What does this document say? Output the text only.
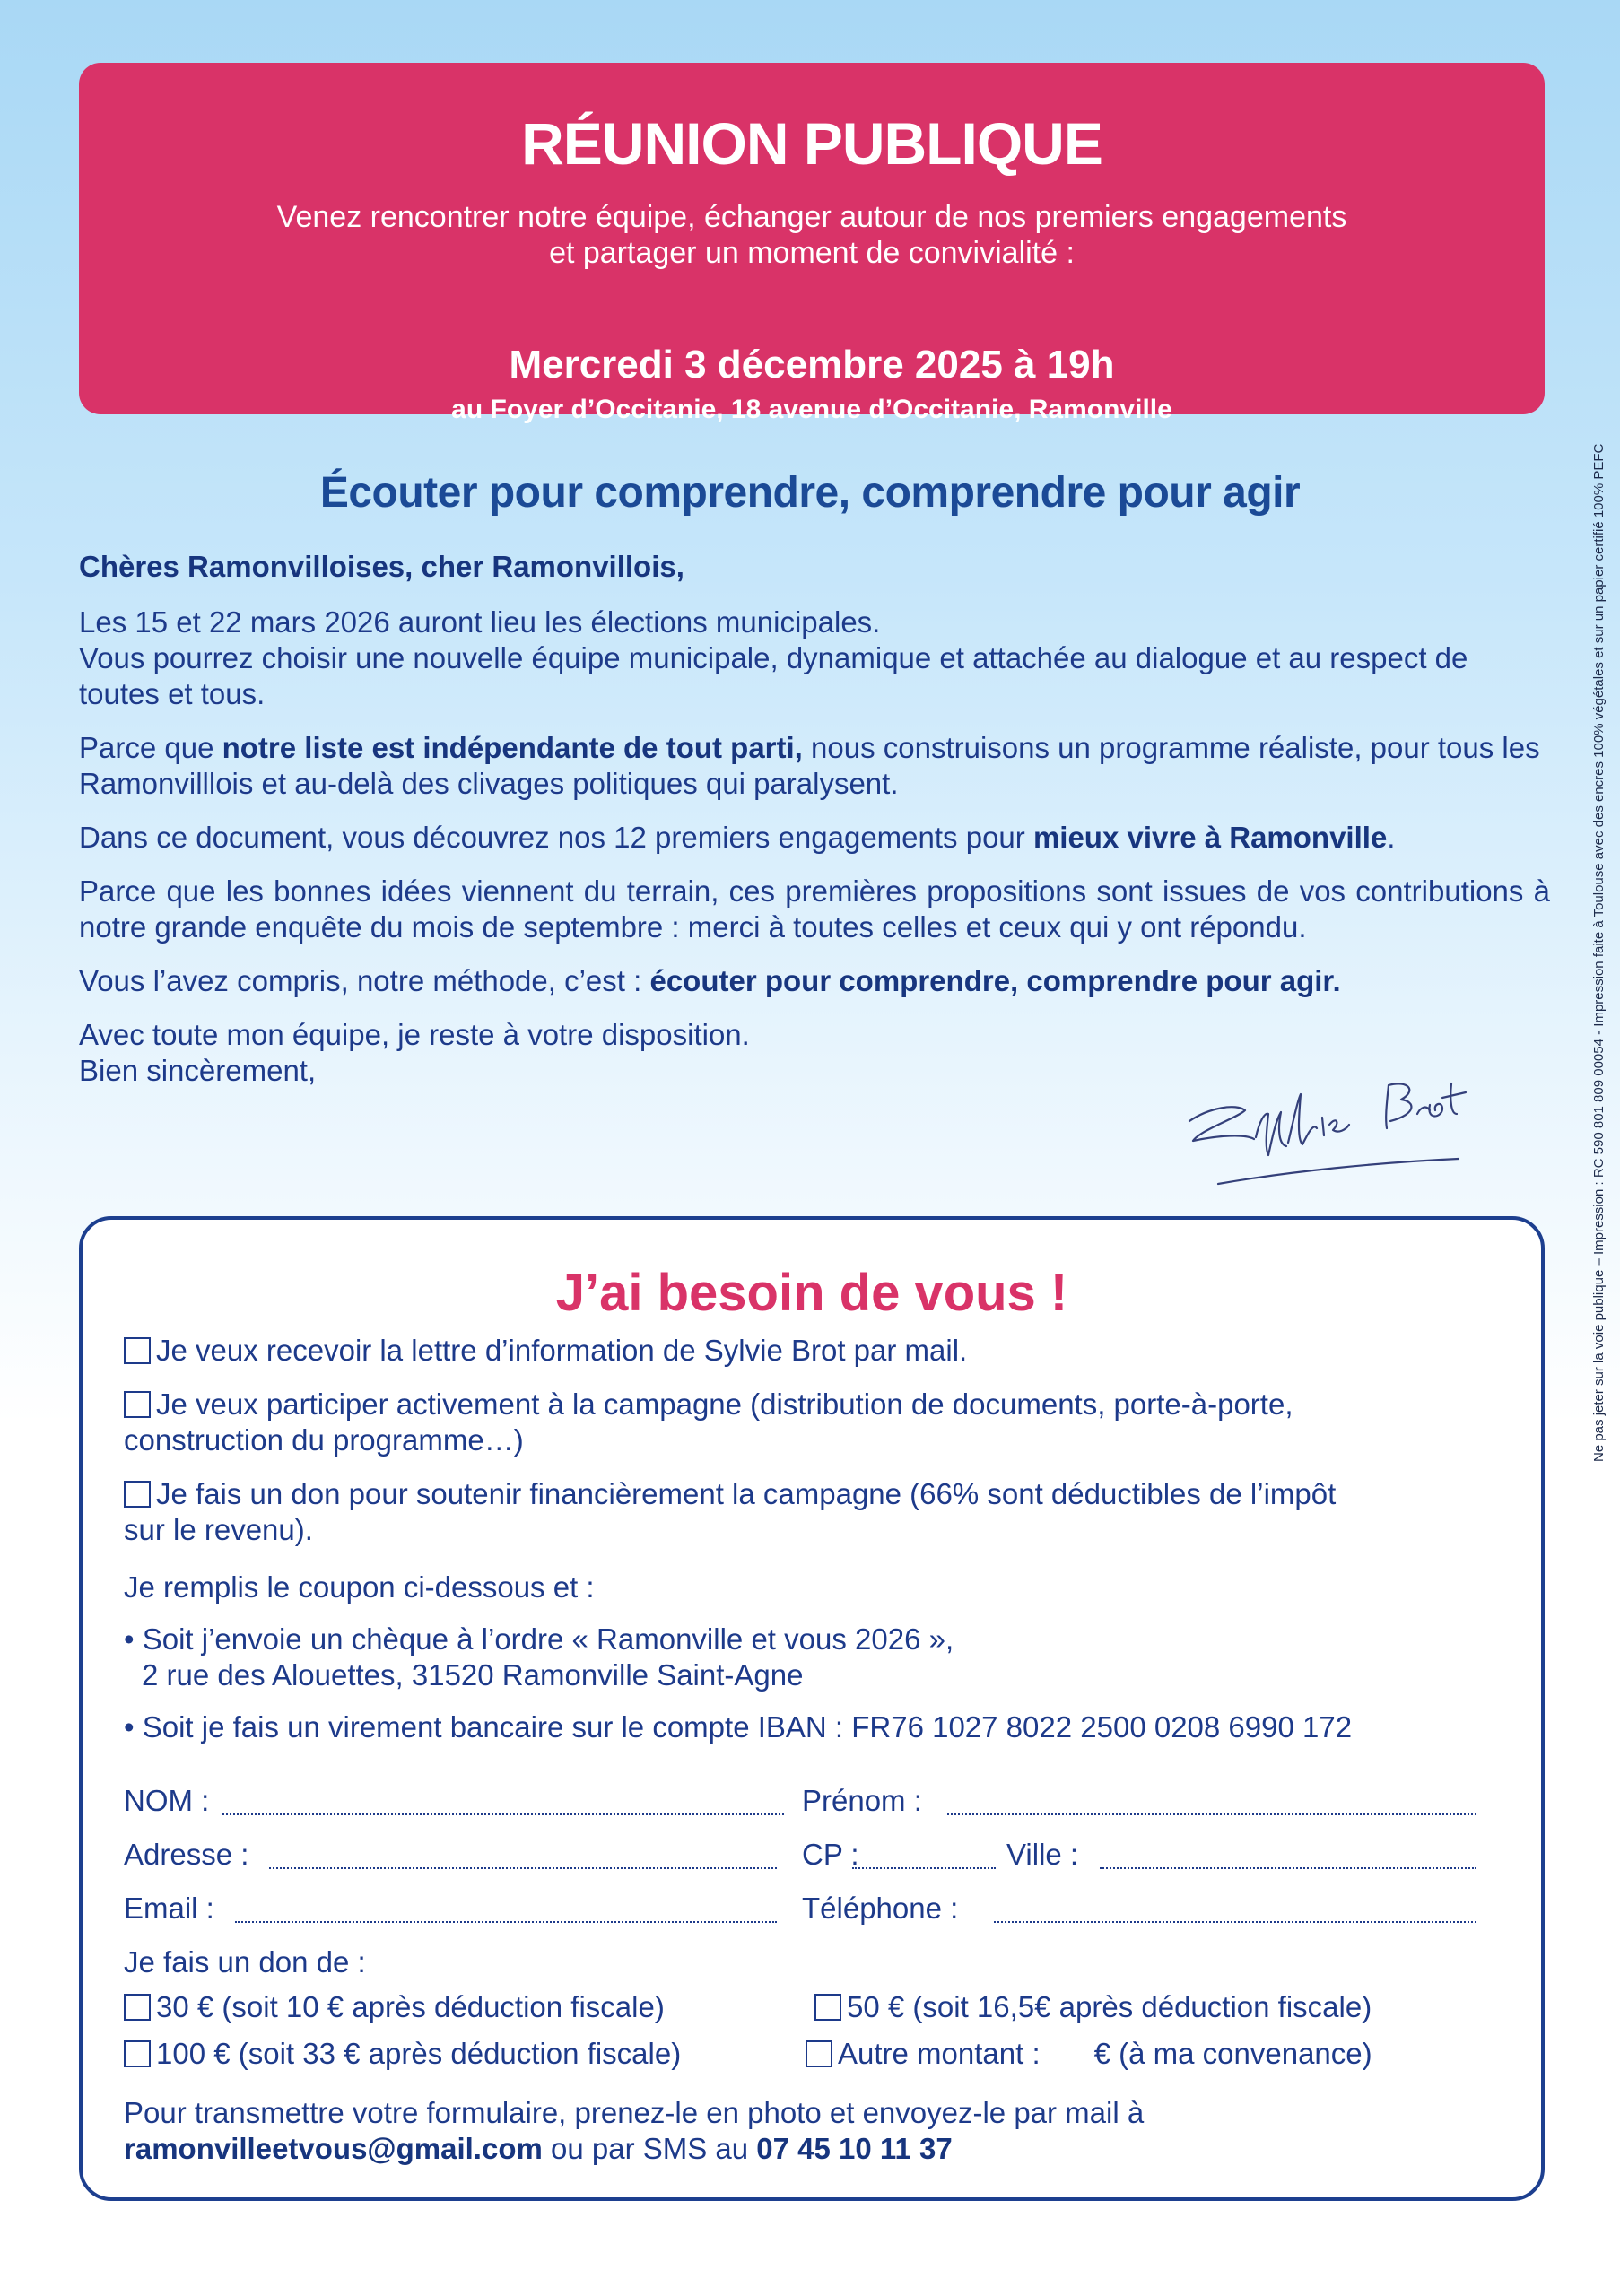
Ne pas jeter sur la voie publique – Impression : RC 590 801 809 00054 - Impression faite à Toulouse avec des encres 100% végétales et sur un papier certifié 100% PEFC
RÉUNION PUBLIQUE
Venez rencontrer notre équipe, échanger autour de nos premiers engagements
et partager un moment de convivialité :
Mercredi 3 décembre 2025 à 19h
au Foyer d’Occitanie, 18 avenue d’Occitanie, Ramonville
Écouter pour comprendre, comprendre pour agir

Chères Ramonvilloises, cher Ramonvillois,

Les 15 et 22 mars 2026 auront lieu les élections municipales.
Vous pourrez choisir une nouvelle équipe municipale, dynamique et attachée au dialogue et au respect de toutes et tous.

Parce que notre liste est indépendante de tout parti, nous construisons un programme réaliste, pour tous les Ramonvilllois et au-delà des clivages politiques qui paralysent.

Dans ce document, vous découvrez nos 12 premiers engagements pour mieux vivre à Ramonville.

Parce que les bonnes idées viennent du terrain, ces premières propositions sont issues de vos contributions à notre grande enquête du mois de septembre : merci à toutes celles et ceux qui y ont répondu.

Vous l’avez compris, notre méthode, c’est : écouter pour comprendre, comprendre pour agir.

Avec toute mon équipe, je reste à votre disposition.
Bien sincèrement,

J’ai besoin de vous !
Je veux recevoir la lettre d’information de Sylvie Brot par mail.
Je veux participer activement à la campagne (distribution de documents, porte-à-porte,
construction du programme…)
Je fais un don pour soutenir financièrement la campagne (66% sont déductibles de l’impôt
sur le revenu).
Je remplis le coupon ci-dessous et :
• Soit j’envoie un chèque à l’ordre « Ramonville et vous 2026 »,
2 rue des Alouettes, 31520 Ramonville Saint-Agne
• Soit je fais un virement bancaire sur le compte IBAN : FR76 1027 8022 2500 0208 6990 172
NOM :	Prénom :
Adresse :	CP :	Ville :
Email :	Téléphone :
Je fais un don de :
30 € (soit 10 € après déduction fiscale)	50 € (soit 16,5€ après déduction fiscale)
100 € (soit 33 € après déduction fiscale)	Autre montant : € (à ma convenance)
Pour transmettre votre formulaire, prenez-le en photo et envoyez-le par mail à
ramonvilleetvous@gmail.com ou par SMS au 07 45 10 11 37
